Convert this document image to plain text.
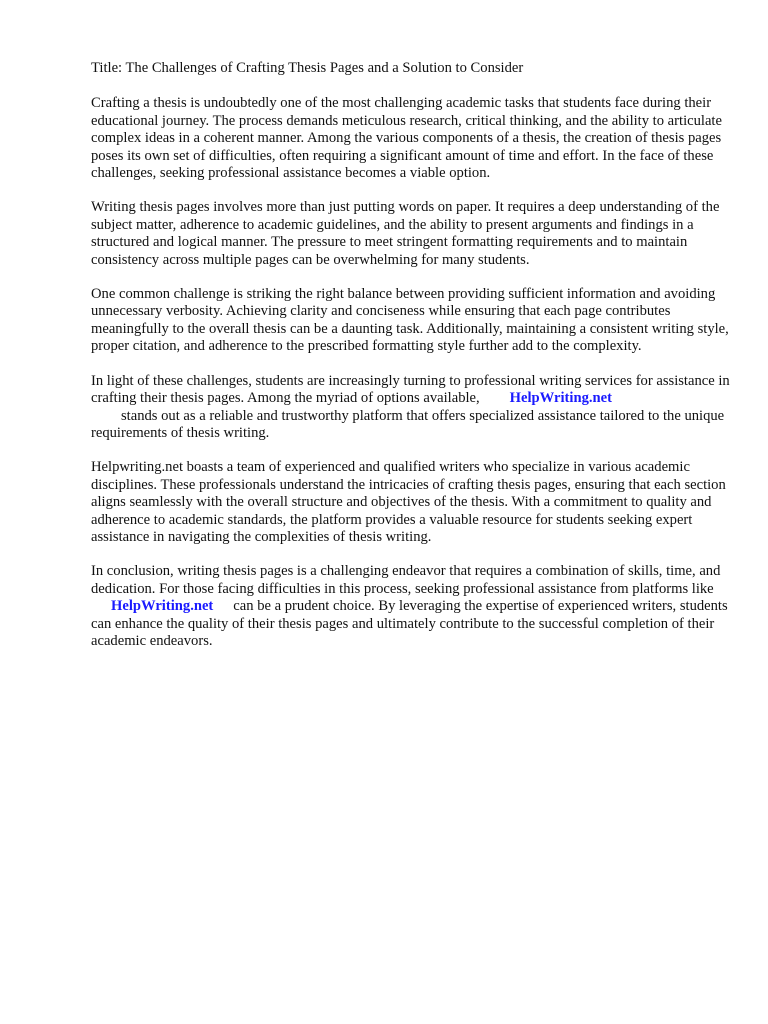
Title: The Challenges of Crafting Thesis Pages and a Solution to Consider

Crafting a thesis is undoubtedly one of the most challenging academic tasks that students face during their educational journey. The process demands meticulous research, critical thinking, and the ability to articulate complex ideas in a coherent manner. Among the various components of a thesis, the creation of thesis pages poses its own set of difficulties, often requiring a significant amount of time and effort. In the face of these challenges, seeking professional assistance becomes a viable option.

Writing thesis pages involves more than just putting words on paper. It requires a deep understanding of the subject matter, adherence to academic guidelines, and the ability to present arguments and findings in a structured and logical manner. The pressure to meet stringent formatting requirements and to maintain consistency across multiple pages can be overwhelming for many students.

One common challenge is striking the right balance between providing sufficient information and avoiding unnecessary verbosity. Achieving clarity and conciseness while ensuring that each page contributes meaningfully to the overall thesis can be a daunting task. Additionally, maintaining a consistent writing style, proper citation, and adherence to the prescribed formatting style further add to the complexity.

In light of these challenges, students are increasingly turning to professional writing services for assistance in crafting their thesis pages. Among the myriad of options available, HelpWriting.net
stands out as a reliable and trustworthy platform that offers specialized assistance tailored to the unique requirements of thesis writing.

Helpwriting.net boasts a team of experienced and qualified writers who specialize in various academic disciplines. These professionals understand the intricacies of crafting thesis pages, ensuring that each section aligns seamlessly with the overall structure and objectives of the thesis. With a commitment to quality and adherence to academic standards, the platform provides a valuable resource for students seeking expert assistance in navigating the complexities of thesis writing.

In conclusion, writing thesis pages is a challenging endeavor that requires a combination of skills, time, and dedication. For those facing difficulties in this process, seeking professional assistance from platforms likeHelpWriting.net can be a prudent choice. By leveraging the expertise of experienced writers, students can enhance the quality of their thesis pages and ultimately contribute to the successful completion of their academic endeavors.
